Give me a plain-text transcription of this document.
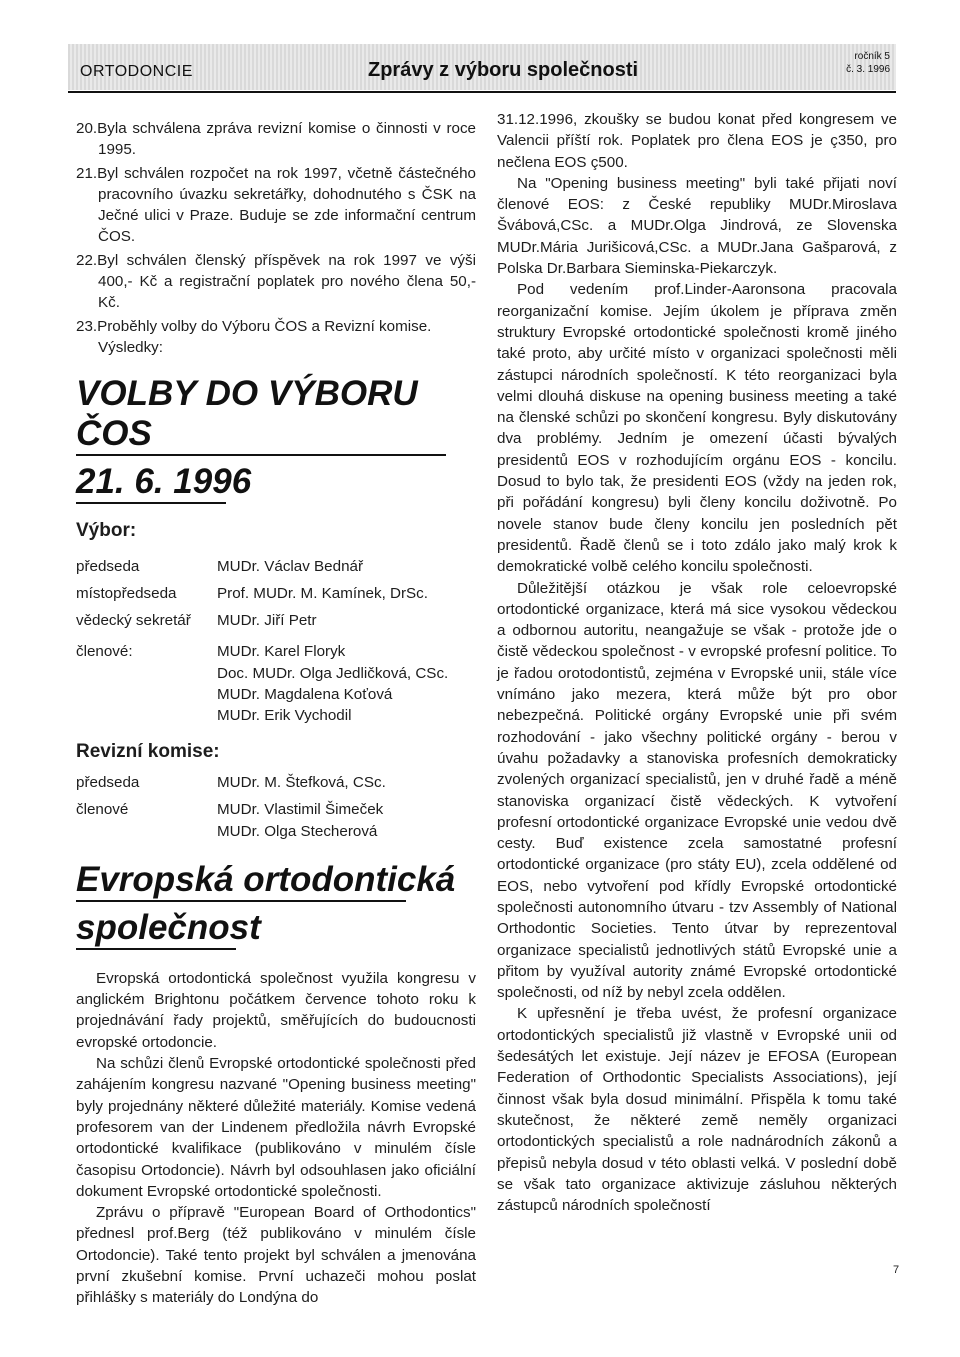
ORTODONCIE	Zprávy z výboru společnosti
ročník 5
č. 3. 1996

20.Byla schválena zpráva revizní komise o činnosti v roce 1995.

21.Byl schválen rozpočet na rok 1997, včetně částečného pracovního úvazku sekretářky, dohodnutého s ČSK na Ječné ulici v Praze. Buduje se zde informační centrum ČOS.

22.Byl schválen členský příspěvek na rok 1997 ve výši 400,- Kč a registrační poplatek pro nového člena 50,- Kč.

23.Proběhly volby do Výboru ČOS a Revizní komise. Výsledky:

VOLBY DO VÝBORU ČOS

21. 6. 1996

Výbor:

předseda	MUDr. Václav Bednář
místopředseda	Prof. MUDr. M. Kamínek, DrSc.
vědecký sekretář	MUDr. Jiří Petr
členové:	MUDr. Karel Floryk
Doc. MUDr. Olga Jedličková, CSc.
MUDr. Magdalena Koťová
MUDr. Erik Vychodil

Revizní komise:

předseda	MUDr. M. Štefková, CSc.
členové	MUDr. Vlastimil Šimeček
MUDr. Olga Stecherová

Evropská ortodontická

společnost

Evropská ortodontická společnost využila kongresu v anglickém Brightonu počátkem července tohoto roku k projednávání řady projektů, směřujících do budoucnosti evropské ortodoncie.

Na schůzi členů Evropské ortodontické společnosti před zahájením kongresu nazvané "Opening business meeting" byly projednány některé důležité materiály. Komise vedená profesorem van der Lindenem předložila návrh Evropské ortodontické kvalifikace (publikováno v minulém čísle časopisu Ortodoncie). Návrh byl odsouhlasen jako oficiální dokument Evropské ortodontické společnosti.

Zprávu o přípravě "European Board of Orthodontics" přednesl prof.Berg (též publikováno v minulém čísle Ortodoncie). Také tento projekt byl schválen a jmenována první zkušební komise. První uchazeči mohou poslat přihlášky s materiály do Londýna do

31.12.1996, zkoušky se budou konat před kongresem ve Valencii příští rok. Poplatek pro člena EOS je ç350, pro nečlena EOS ç500.

Na "Opening business meeting" byli také přijati noví členové EOS: z České republiky MUDr.Miroslava Švábová,CSc. a MUDr.Olga Jindrová, ze Slovenska MUDr.Mária Jurišicová,CSc. a MUDr.Jana Gašparová, z Polska Dr.Barbara Sieminska-Piekarczyk.

Pod vedením prof.Linder-Aaronsona pracovala reorganizační komise. Jejím úkolem je příprava změn struktury Evropské ortodontické společnosti kromě jiného také proto, aby určité místo v organizaci společnosti měli zástupci národních společností. K této reorganizaci byla velmi dlouhá diskuse na opening business meeting a také na členské schůzi po skončení kongresu. Byly diskutovány dva problémy. Jedním je omezení účasti bývalých presidentů EOS v rozhodujícím orgánu EOS - koncilu. Dosud to bylo tak, že presidenti EOS (vždy na jeden rok, při pořádání kongresu) byli členy koncilu doživotně. Po novele stanov bude členy koncilu jen posledních pět presidentů. Řadě členů se i toto zdálo jako malý krok k demokratické volbě celého koncilu společnosti.

Důležitější otázkou je však role celoevropské ortodontické organizace, která má sice vysokou vědeckou a odbornou autoritu, neangažuje se však - protože jde o čistě vědeckou společnost - v evropské profesní politice. To je řadou orotodontistů, zejména v Evropské unii, stále více vnímáno jako mezera, která může být pro obor nebezpečná. Politické orgány Evropské unie při svém rozhodování - jako všechny politické orgány - berou v úvahu požadavky a stanoviska profesních demokraticky zvolených organizací specialistů, jen v druhé řadě a méně stanoviska organizací čistě vědeckých. K vytvoření profesní ortodontické organizace Evropské unie vedou dvě cesty. Buď existence zcela samostatné profesní ortodontické organizace (pro státy EU), zcela oddělené od EOS, nebo vytvoření pod křídly Evropské ortodontické společnosti autonomního útvaru - tzv Assembly of National Orthodontic Societies. Tento útvar by reprezentoval organizace specialistů jednotlivých států Evropské unie a přitom by využíval autority známé Evropské ortodontické společnosti, od níž by nebyl zcela oddělen.

K upřesnění je třeba uvést, že profesní organizace ortodontických specialistů již vlastně v Evropské unii od šedesátých let existuje. Její název je EFOSA (European Federation of Orthodontic Specialists Associations), její činnost však byla dosud minimální. Přispěla k tomu také skutečnost, že některé země neměly organizaci ortodontických specialistů a role nadnárodních zákonů a přepisů nebyla dosud v této oblasti velká. V poslední době se však tato organizace aktivizuje zásluhou některých zástupců národních společností

7
